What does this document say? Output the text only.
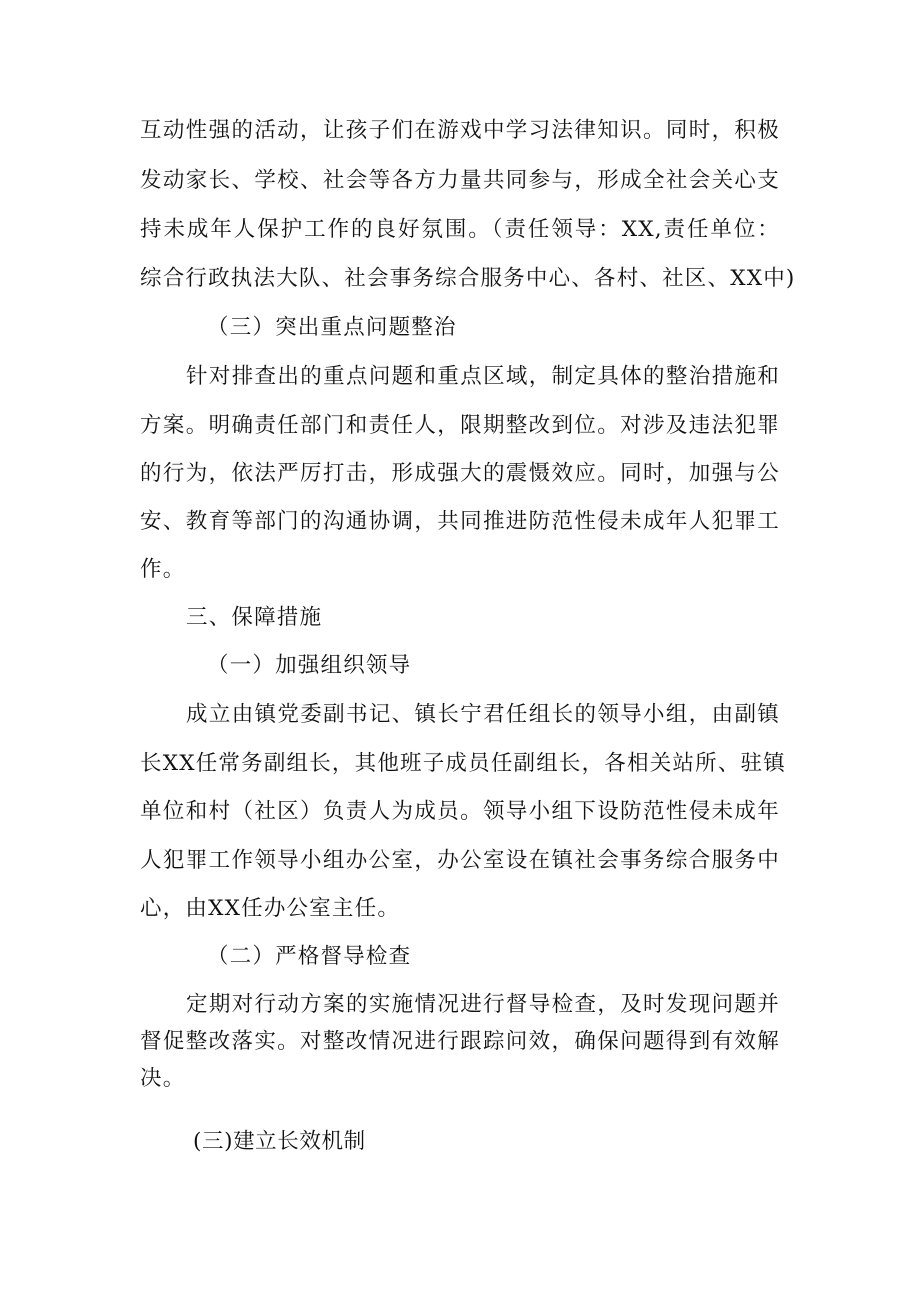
互动性强的活动，让孩子们在游戏中学习法律知识。同时，积极
发动家长、学校、社会等各方力量共同参与，形成全社会关心支
持未成年人保护工作的良好氛围。（责任领导：XX,责任单位：
综合行政执法大队、社会事务综合服务中心、各村、社区、XX中)
（三）突出重点问题整治
针对排查出的重点问题和重点区域，制定具体的整治措施和
方案。明确责任部门和责任人，限期整改到位。对涉及违法犯罪
的行为，依法严厉打击，形成强大的震慑效应。同时，加强与公
安、教育等部门的沟通协调，共同推进防范性侵未成年人犯罪工
作。
三、保障措施
（一）加强组织领导
成立由镇党委副书记、镇长宁君任组长的领导小组，由副镇
长XX任常务副组长，其他班子成员任副组长，各相关站所、驻镇
单位和村（社区）负责人为成员。领导小组下设防范性侵未成年
人犯罪工作领导小组办公室，办公室设在镇社会事务综合服务中
心，由XX任办公室主任。
（二）严格督导检查
定期对行动方案的实施情况进行督导检查，及时发现问题并
督促整改落实。对整改情况进行跟踪问效，确保问题得到有效解
决。
(三)建立长效机制
